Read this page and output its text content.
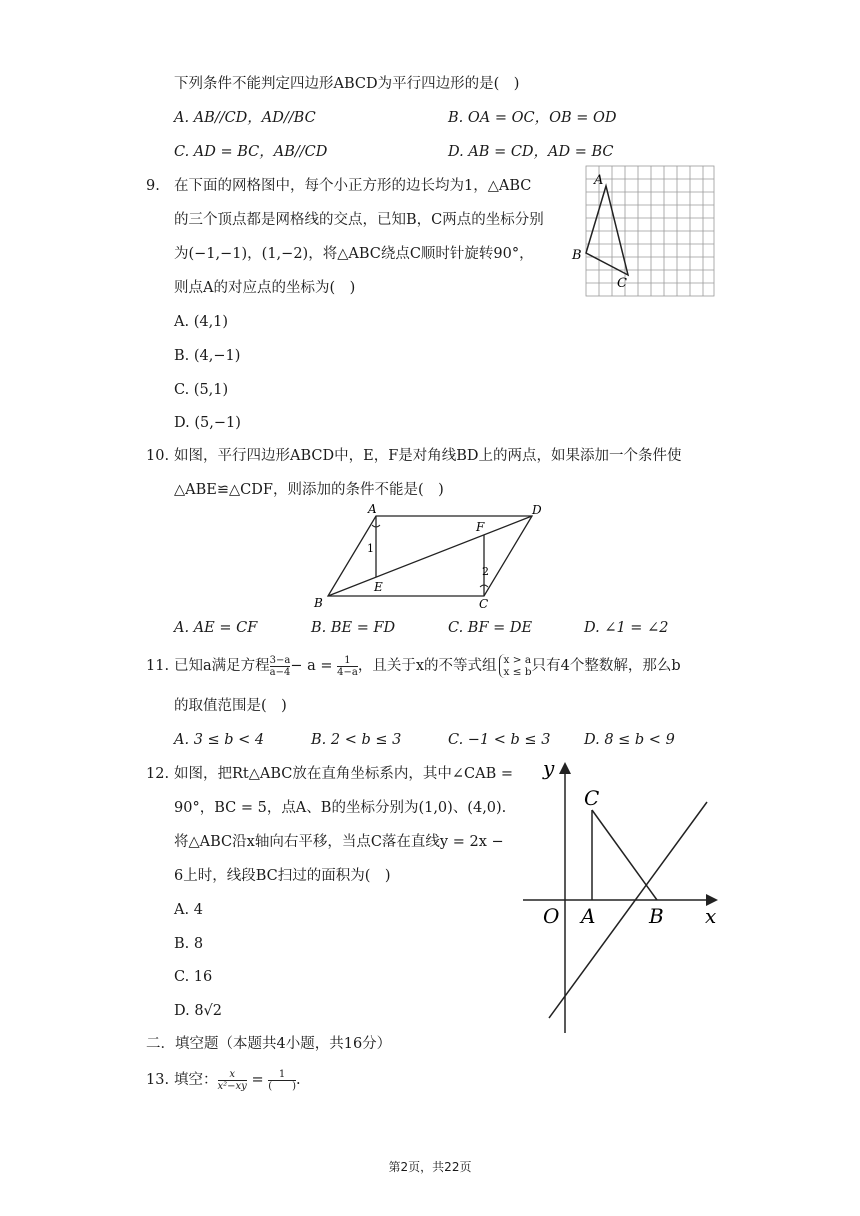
下列条件不能判定四边形ABCD为平行四边形的是( )
A. AB//CD，AD//BC	B. OA = OC，OB = OD
C. AD = BC，AB//CD	D. AB = CD，AD = BC
9. 在下面的网格图中，每个小正方形的边长均为1，△ABC
的三个顶点都是网格线的交点，已知B，C两点的坐标分别
为(−1,−1)，(1,−2)，将△ABC绕点C顺时针旋转90°，
则点A的对应点的坐标为( )
A. (4,1)
B. (4,−1)
C. (5,1)
D. (5,−1)
A
B
C
10. 如图，平行四边形ABCD中，E，F是对角线BD上的两点，如果添加一个条件使
△ABE≌△CDF，则添加的条件不能是( )
A	D
B	C
E
F
1
2
A. AE = CF	B. BE = FD	C. BF = DE	D. ∠1 = ∠2
11. 已知a满足方程 $\frac{3-a}{a-4} - a = \frac{1}{4-a}$ ，且关于x的不等式组 x > a
x ≤ b 只有4个整数解，那么b
的取值范围是( )
A. 3 ≤ b < 4	B. 2 < b ≤ 3	C. −1 < b ≤ 3 D. 8 ≤ b < 9
12. 如图，把Rt△ABC放在直角坐标系内，其中∠CAB =
90°，BC = 5，点A、B的坐标分别为(1,0)、(4,0).
将△ABC沿x轴向右平移，当点C落在直线y = 2x −
6上时，线段BC扫过的面积为( )
A. 4
B. 8
C. 16
D. 8√2
y
x
O A	B
C
二．填空题（本题共4小题，共16分）
13. 填空： $\frac{x}{\text{x²−xy}} = \frac{1}{( )}$ .
第2页，共22页
